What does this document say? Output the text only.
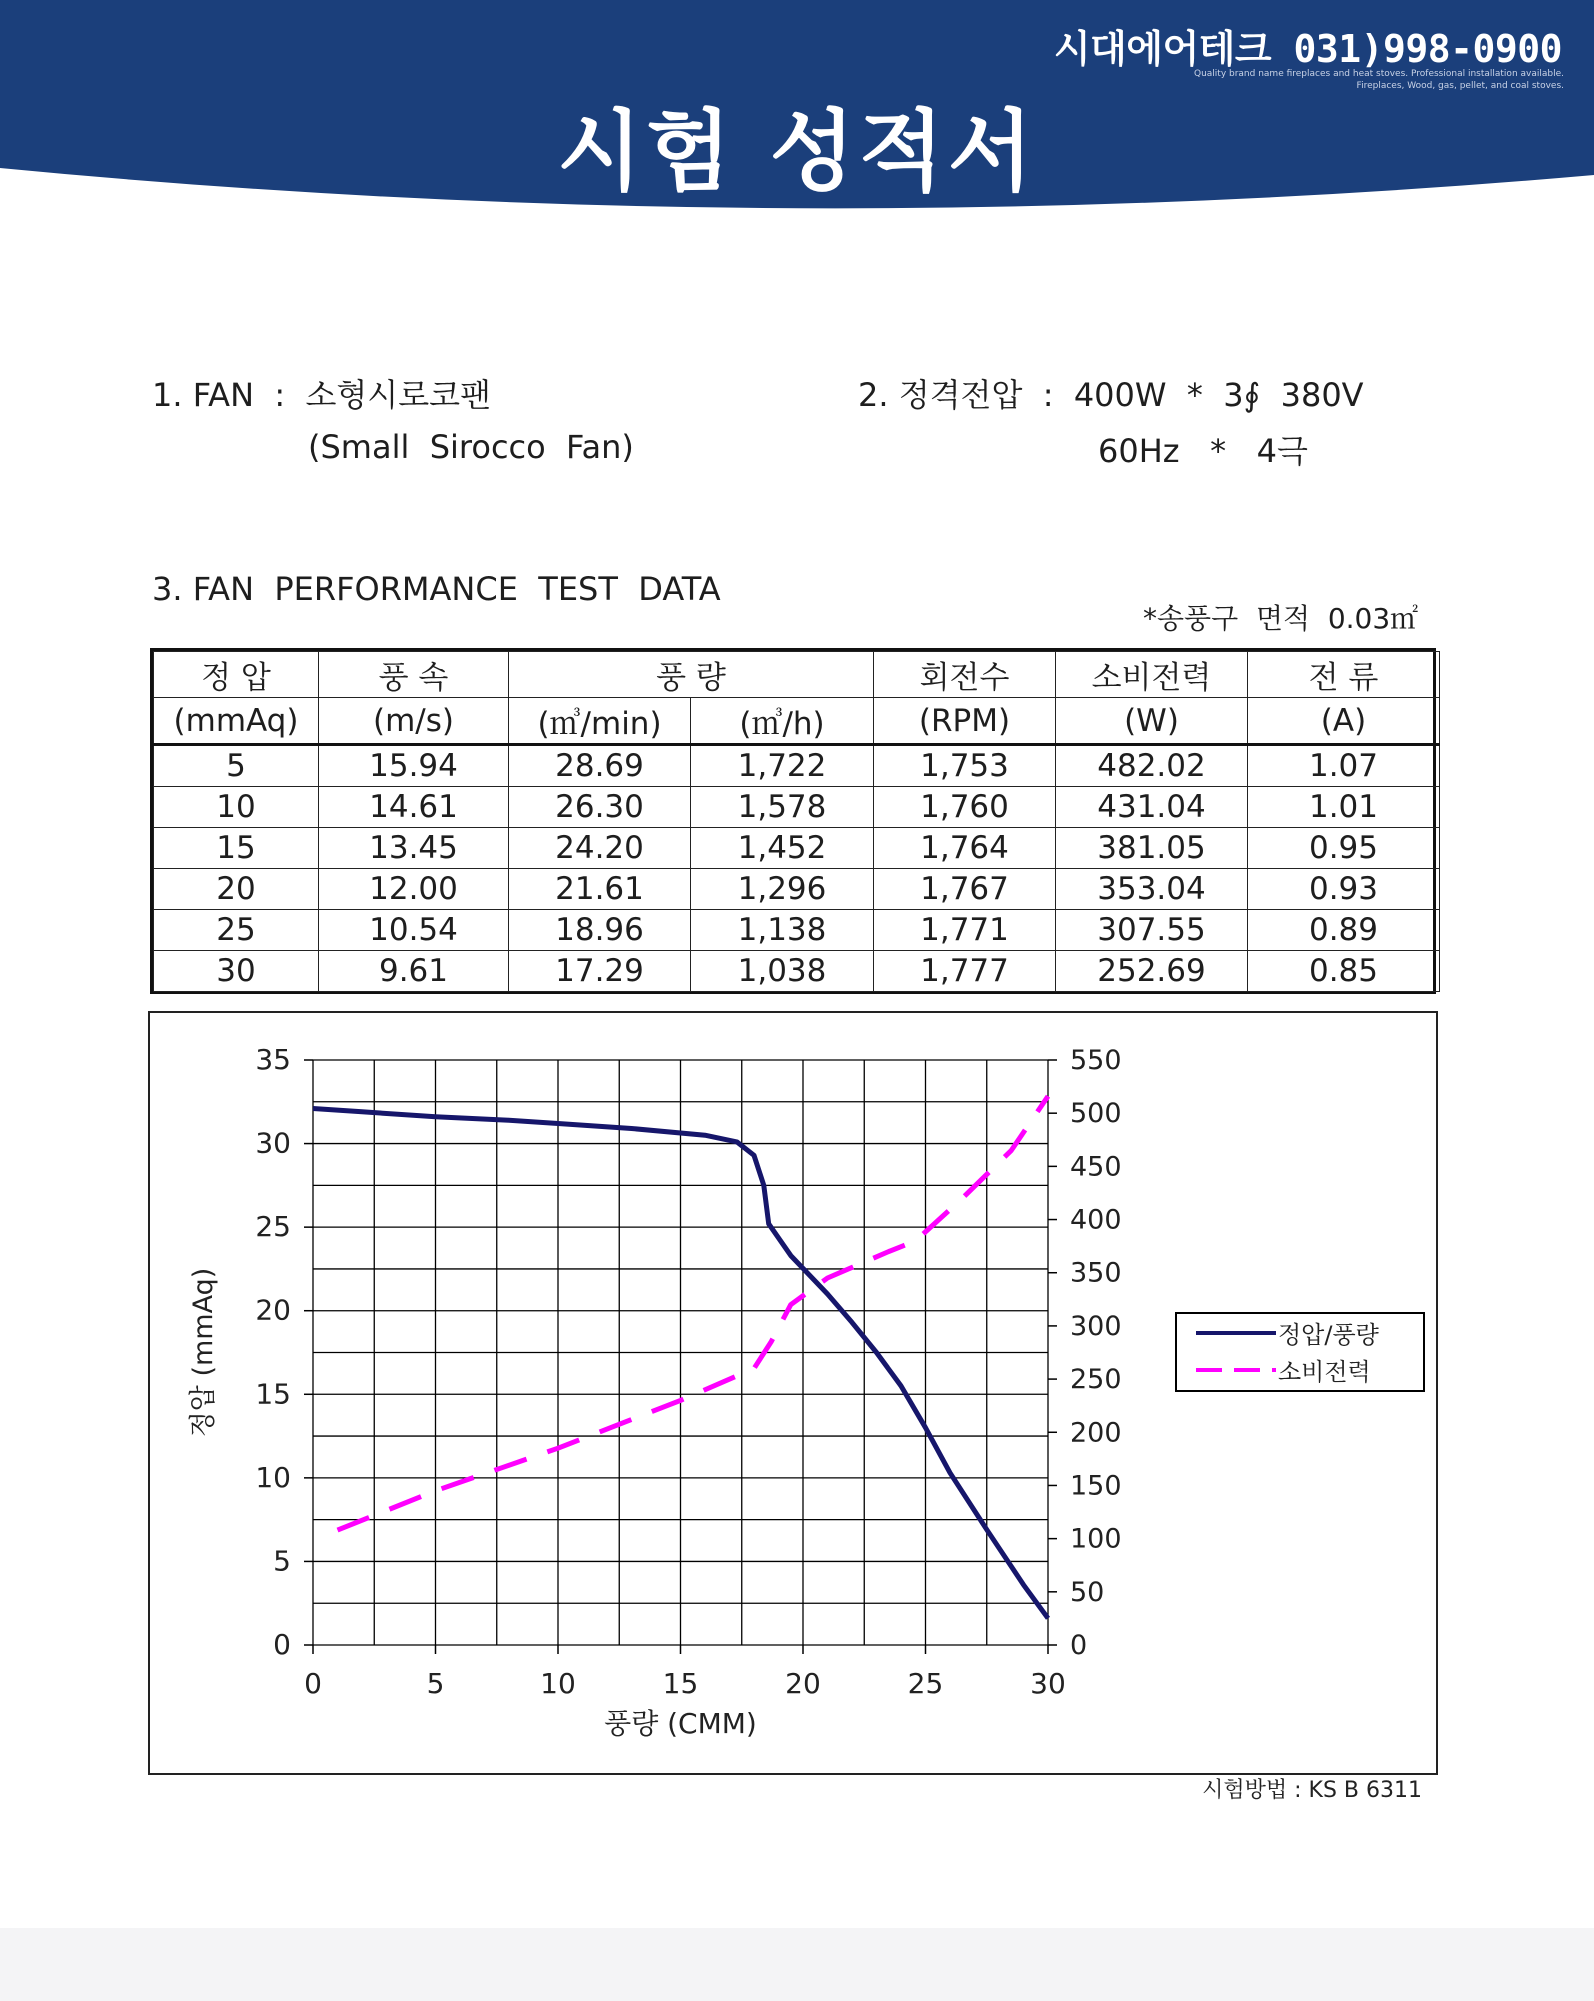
시대에어테크 031)998-0900
Quality brand name fireplaces and heat stoves. Professional installation available.
Fireplaces, Wood, gas, pellet, and coal stoves.
시험 성적서
1. FAN  :  소형시로코팬
(Small  Sirocco  Fan)
2. 정격전압  :  400W  *  3∮  380V
60Hz   *   4극
3. FAN  PERFORMANCE  TEST  DATA
*송풍구  면적  0.03㎡
정 압	풍 속	풍 량		회전수	소비전력	전 류
(mmAq)	(m/s)	(㎥/min)	(㎥/h)	(RPM)	(W)	(A)
5	15.94	28.69	1,722	1,753	482.02	1.07
10	14.61	26.30	1,578	1,760	431.04	1.01
15	13.45	24.20	1,452	1,764	381.05	0.95
20	12.00	21.61	1,296	1,767	353.04	0.93
25	10.54	18.96	1,138	1,771	307.55	0.89
30	9.61	17.29	1,038	1,777	252.69	0.85
0
50
100
150
200
250
300
350
400
450
500
550
0
5
10
15
20
25
30
35
0	5	10	15	20	25	30
풍량 (CMM)
정압 (mmAq)	정압/풍량
소비전력
시험방법 : KS B 6311
